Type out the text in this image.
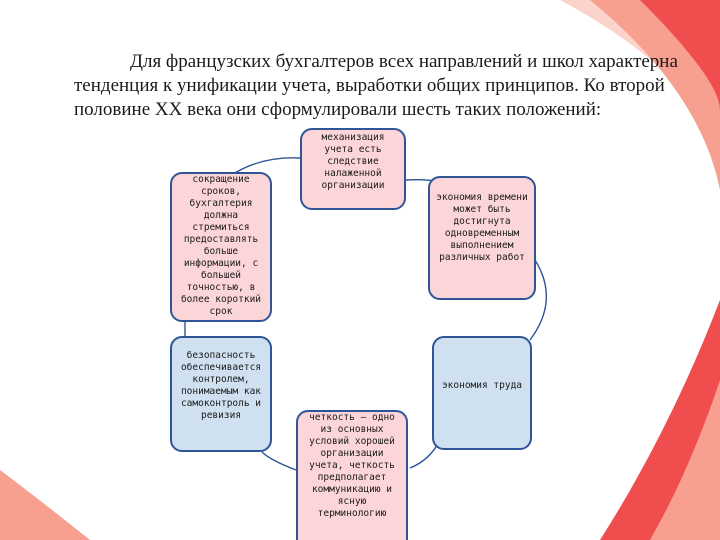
Для французских бухгалтеров всех направлений и школ характерна тенденция к унификации учета, выработки общих принципов. Ко второй половине XX века они сформулировали шесть таких положений:

механизация учета есть следствие налаженной организации
экономия времени может быть достигнута одновременным выполнением различных работ
экономия труда
четкость – одно из основных условий хорошей организации учета, четкость предполагает коммуникацию и ясную терминологию
безопасность обеспечивается контролем, понимаемым как самоконтроль и ревизия
сокращение сроков, бухгалтерия должна стремиться предоставлять больше информации, с большей точностью, в более короткий срок
